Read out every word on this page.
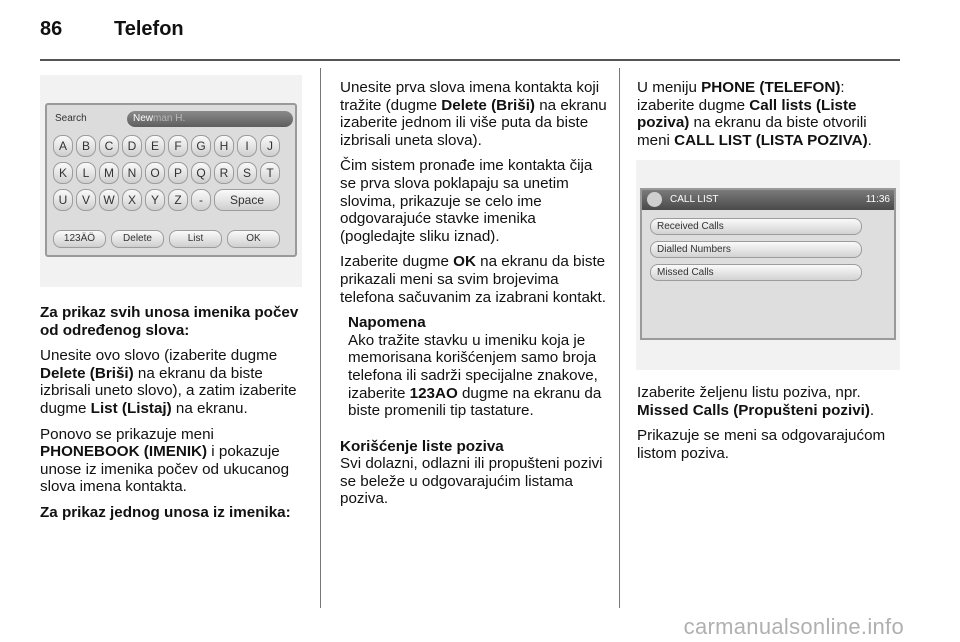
86	Telefon
Search	Newman H.
A B C D E F G H I J
K L M N O P Q R S T
U V W X Y Z - Space
123ÄÖ	Delete	List	OK

Za prikaz svih unosa imenika počev od određenog slova:

Unesite ovo slovo (izaberite dugme Delete (Briši) na ekranu da biste izbrisali uneto slovo), a zatim izaberite dugme List (Listaj) na ekranu.

Ponovo se prikazuje meni PHONEBOOK (IMENIK) i pokazuje unose iz imenika počev od ukucanog slova imena kontakta.

Za prikaz jednog unosa iz imenika:

Unesite prva slova imena kontakta koji tražite (dugme Delete (Briši) na ekranu izaberite jednom ili više puta da biste izbrisali uneta slova).

Čim sistem pronađe ime kontakta čija se prva slova poklapaju sa unetim slovima, prikazuje se celo ime odgovarajuće stavke imenika (pogledajte sliku iznad).

Izaberite dugme OK na ekranu da biste prikazali meni sa svim brojevima telefona sačuvanim za izabrani kontakt.

Napomena

Ako tražite stavku u imeniku koja je memorisana korišćenjem samo broja telefona ili sadrži specijalne znakove, izaberite 123AO dugme na ekranu da biste promenili tip tastature.

Korišćenje liste poziva

Svi dolazni, odlazni ili propušteni pozivi se beleže u odgovarajućim listama poziva.

U meniju PHONE (TELEFON): izaberite dugme Call lists (Liste poziva) na ekranu da biste otvorili meni CALL LIST (LISTA POZIVA).

CALL LIST	11:36
Received Calls
Dialled Numbers
Missed Calls

Izaberite željenu listu poziva, npr. Missed Calls (Propušteni pozivi).

Prikazuje se meni sa odgovarajućom listom poziva.

carmanualsonline.info
